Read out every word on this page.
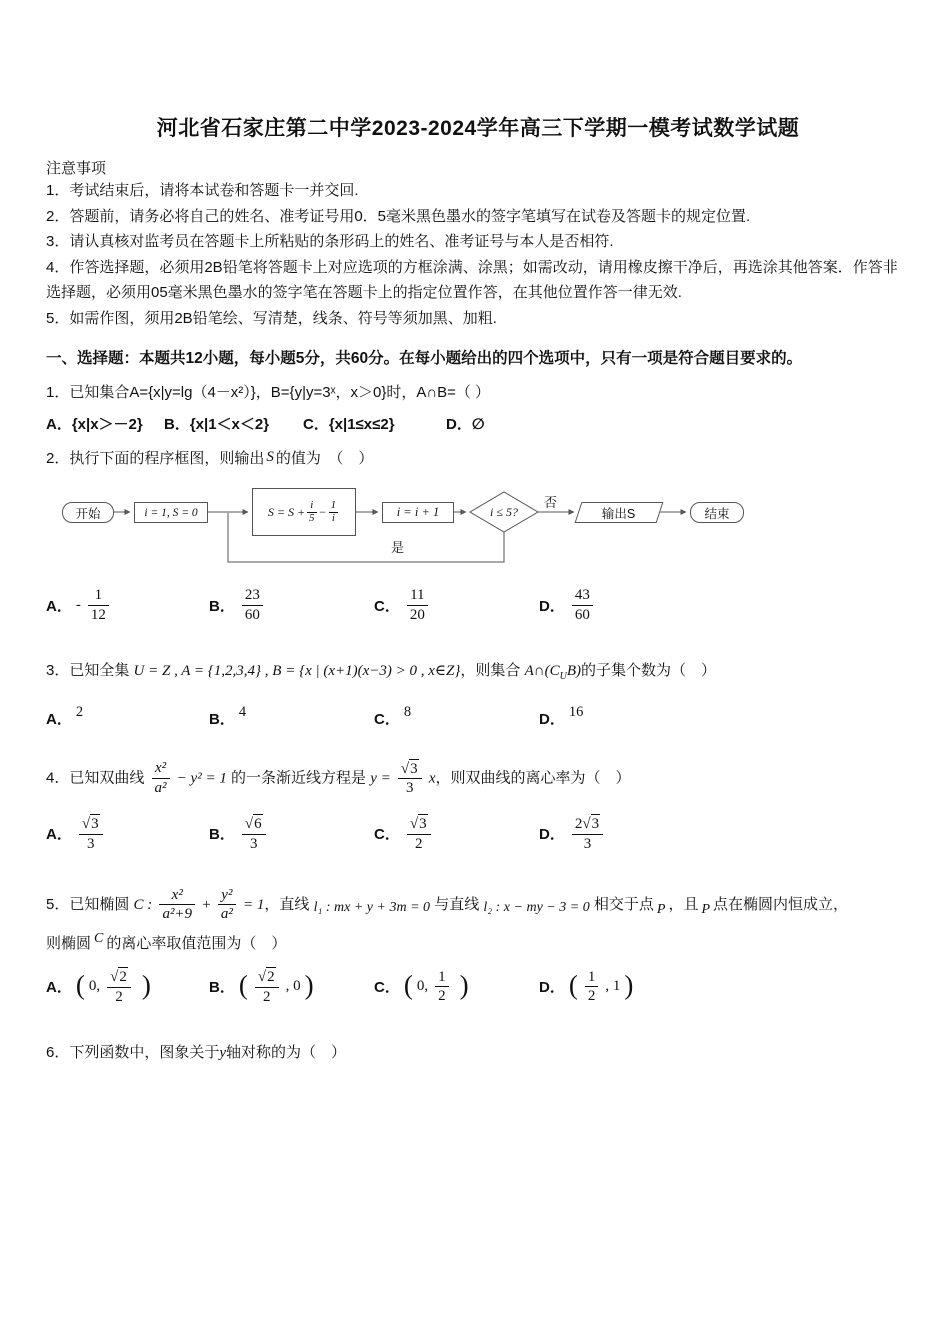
河北省石家庄第二中学2023-2024学年高三下学期一模考试数学试题
注意事项
1．考试结束后，请将本试卷和答题卡一并交回.
2．答题前，请务必将自己的姓名、准考证号用0．5毫米黑色墨水的签字笔填写在试卷及答题卡的规定位置.
3．请认真核对监考员在答题卡上所粘贴的条形码上的姓名、准考证号与本人是否相符.
4．作答选择题，必须用2B铅笔将答题卡上对应选项的方框涂满、涂黑；如需改动，请用橡皮擦干净后，再选涂其他答案．作答非选择题，必须用05毫米黑色墨水的签字笔在答题卡上的指定位置作答，在其他位置作答一律无效.
5．如需作图，须用2B铅笔绘、写清楚，线条、符号等须加黑、加粗.
一、选择题：本题共12小题，每小题5分，共60分。在每小题给出的四个选项中，只有一项是符合题目要求的。
1．已知集合A={x|y=lg（4－x²）}，B={y|y=3ˣ，x＞0}时，A∩B=（ ）
A．{x|x＞－2} B．{x|1＜x＜2} C．{x|1≤x≤2}	D．∅
2．执行下面的程序框图，则输出 S 的值为　（　）
开始	i = 1, S = 0	$S = S + \frac{i}{5} - \frac{1}{i}$	i = i + 1	i ≤ 5?
否
是
输出S	结束
A． - $\frac{1}{12}$	B． $\frac{23}{60}$	C． $\frac{11}{20}$	D． $\frac{43}{60}$
3．已知全集 U = Z , A = {1,2,3,4} , B = {x | (x+1)(x−3) > 0 , x∈Z}，则集合 $A\cap(C_UB)$的子集个数为（　）
A． 2	B． 4	C． 8	D． 16
4．已知双曲线 $\frac{\text{x²}}{\text{a²}} - y^2 = 1$ 的一条渐近线方程是 y = √ $\frac{3}{3}$ x，则双曲线的离心率为（　）
A． √ $\frac{3}{3}$	B． √ $\frac{6}{3}$	C． √ $\frac{3}{2}$	D． $\frac{2 √ 3}{3}$
5．已知椭圆 C : $\frac{\text{x²}}{\text{a²+9}} + \frac{\text{y²}}{\text{a²}} = 1$，直线 l₁ : mx + y + 3m = 0 与直线 l₂ : x − my − 3 = 0 相交于点 P ，且 P 点在椭圆内恒成立，
则椭圆 C 的离心率取值范围为（　）
A． ( 0, √ $\frac{2}{2}$ )	B． ( √ $\frac{2}{2}$ , 0 )	C． ( 0, $\frac{1}{2}$ )	D． ( $\frac{1}{2}$ , 1 )
6．下列函数中，图象关于y轴对称的为（　）
